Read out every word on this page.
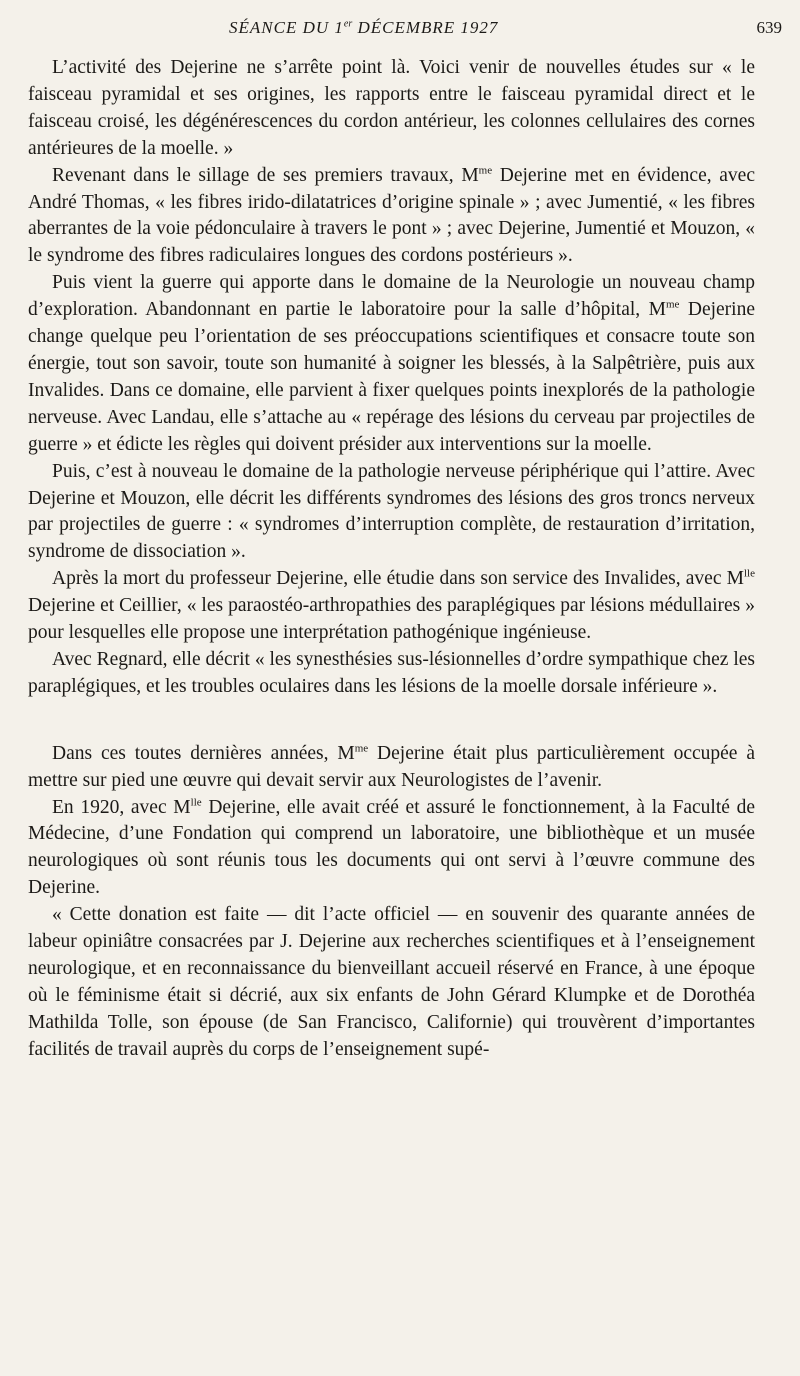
SÉANCE DU 1er DÉCEMBRE 1927	639

L’activité des Dejerine ne s’arrête point là. Voici venir de nouvelles études sur « le faisceau pyramidal et ses origines, les rapports entre le faisceau pyramidal direct et le faisceau croisé, les dégénérescences du cordon antérieur, les colonnes cellulaires des cornes antérieures de la moelle. »

Revenant dans le sillage de ses premiers travaux, $M^{me}$ Dejerine met en évidence, avec André Thomas, « les fibres irido-dilatatrices d’origine spinale » ; avec Jumentié, « les fibres aberrantes de la voie pédonculaire à travers le pont » ; avec Dejerine, Jumentié et Mouzon, « le syndrome des fibres radiculaires longues des cordons postérieurs ».

Puis vient la guerre qui apporte dans le domaine de la Neurologie un nouveau champ d’exploration. Abandonnant en partie le laboratoire pour la salle d’hôpital, $M^{me}$ Dejerine change quelque peu l’orientation de ses préoccupations scientifiques et consacre toute son énergie, tout son savoir, toute son humanité à soigner les blessés, à la Salpêtrière, puis aux Invalides. Dans ce domaine, elle parvient à fixer quelques points inexplorés de la pathologie nerveuse. Avec Landau, elle s’attache au « repérage des lésions du cerveau par projectiles de guerre » et édicte les règles qui doivent présider aux interventions sur la moelle.

Puis, c’est à nouveau le domaine de la pathologie nerveuse périphérique qui l’attire. Avec Dejerine et Mouzon, elle décrit les différents syndromes des lésions des gros troncs nerveux par projectiles de guerre : « syndromes d’interruption complète, de restauration d’irritation, syndrome de dissociation ».

Après la mort du professeur Dejerine, elle étudie dans son service des Invalides, avec $M^{lle}$ Dejerine et Ceillier, « les paraostéo-arthropathies des paraplégiques par lésions médullaires » pour lesquelles elle propose une interprétation pathogénique ingénieuse.

Avec Regnard, elle décrit « les synesthésies sus-lésionnelles d’ordre sympathique chez les paraplégiques, et les troubles oculaires dans les lésions de la moelle dorsale inférieure ».

Dans ces toutes dernières années, $M^{me}$ Dejerine était plus particulièrement occupée à mettre sur pied une œuvre qui devait servir aux Neurologistes de l’avenir.

En 1920, avec $M^{lle}$ Dejerine, elle avait créé et assuré le fonctionnement, à la Faculté de Médecine, d’une Fondation qui comprend un laboratoire, une bibliothèque et un musée neurologiques où sont réunis tous les documents qui ont servi à l’œuvre commune des Dejerine.

« Cette donation est faite — dit l’acte officiel — en souvenir des quarante années de labeur opiniâtre consacrées par J. Dejerine aux recherches scientifiques et à l’enseignement neurologique, et en reconnaissance du bienveillant accueil réservé en France, à une époque où le féminisme était si décrié, aux six enfants de John Gérard Klumpke et de Dorothéa Mathilda Tolle, son épouse (de San Francisco, Californie) qui trouvèrent d’importantes facilités de travail auprès du corps de l’enseignement supé-
